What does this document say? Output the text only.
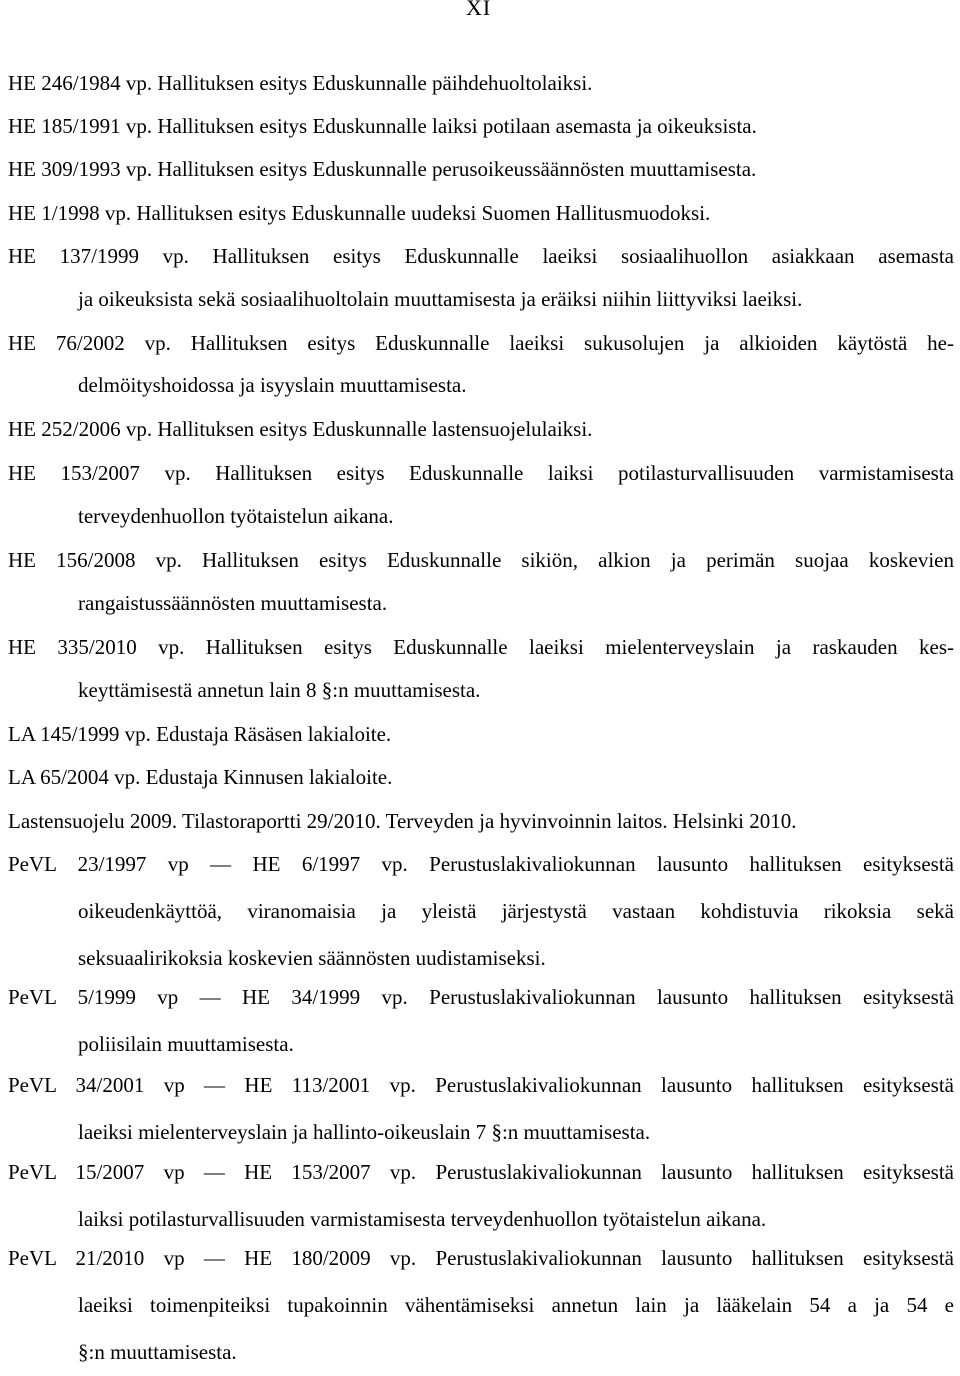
XI
HE 246/1984 vp. Hallituksen esitys Eduskunnalle päihdehuoltolaiksi.
HE 185/1991 vp. Hallituksen esitys Eduskunnalle laiksi potilaan asemasta ja oikeuksista.
HE 309/1993 vp. Hallituksen esitys Eduskunnalle perusoikeussäännösten muuttamisesta.
HE 1/1998 vp. Hallituksen esitys Eduskunnalle uudeksi Suomen Hallitusmuodoksi.
HE 137/1999 vp. Hallituksen esitys Eduskunnalle laeiksi sosiaalihuollon asiakkaan asemasta
ja oikeuksista sekä sosiaalihuoltolain muuttamisesta ja eräiksi niihin liittyviksi laeiksi.
HE 76/2002 vp. Hallituksen esitys Eduskunnalle laeiksi sukusolujen ja alkioiden käytöstä he-
delmöityshoidossa ja isyyslain muuttamisesta.
HE 252/2006 vp. Hallituksen esitys Eduskunnalle lastensuojelulaiksi.
HE 153/2007 vp. Hallituksen esitys Eduskunnalle laiksi potilasturvallisuuden varmistamisesta
terveydenhuollon työtaistelun aikana.
HE 156/2008 vp. Hallituksen esitys Eduskunnalle sikiön, alkion ja perimän suojaa koskevien
rangaistussäännösten muuttamisesta.
HE 335/2010 vp. Hallituksen esitys Eduskunnalle laeiksi mielenterveyslain ja raskauden kes-
keyttämisestä annetun lain 8 §:n muuttamisesta.
LA 145/1999 vp. Edustaja Räsäsen lakialoite.
LA 65/2004 vp. Edustaja Kinnusen lakialoite.
Lastensuojelu 2009. Tilastoraportti 29/2010. Terveyden ja hyvinvoinnin laitos. Helsinki 2010.
PeVL 23/1997 vp — HE 6/1997 vp. Perustuslakivaliokunnan lausunto hallituksen esityksestä
oikeudenkäyttöä, viranomaisia ja yleistä järjestystä vastaan kohdistuvia rikoksia sekä
seksuaalirikoksia koskevien säännösten uudistamiseksi.
PeVL 5/1999 vp — HE 34/1999 vp. Perustuslakivaliokunnan lausunto hallituksen esityksestä
poliisilain muuttamisesta.
PeVL 34/2001 vp — HE 113/2001 vp. Perustuslakivaliokunnan lausunto hallituksen esityksestä
laeiksi mielenterveyslain ja hallinto-oikeuslain 7 §:n muuttamisesta.
PeVL 15/2007 vp — HE 153/2007 vp. Perustuslakivaliokunnan lausunto hallituksen esityksestä
laiksi potilasturvallisuuden varmistamisesta terveydenhuollon työtaistelun aikana.
PeVL 21/2010 vp — HE 180/2009 vp. Perustuslakivaliokunnan lausunto hallituksen esityksestä
laeiksi toimenpiteiksi tupakoinnin vähentämiseksi annetun lain ja lääkelain 54 a ja 54 e
§:n muuttamisesta.
